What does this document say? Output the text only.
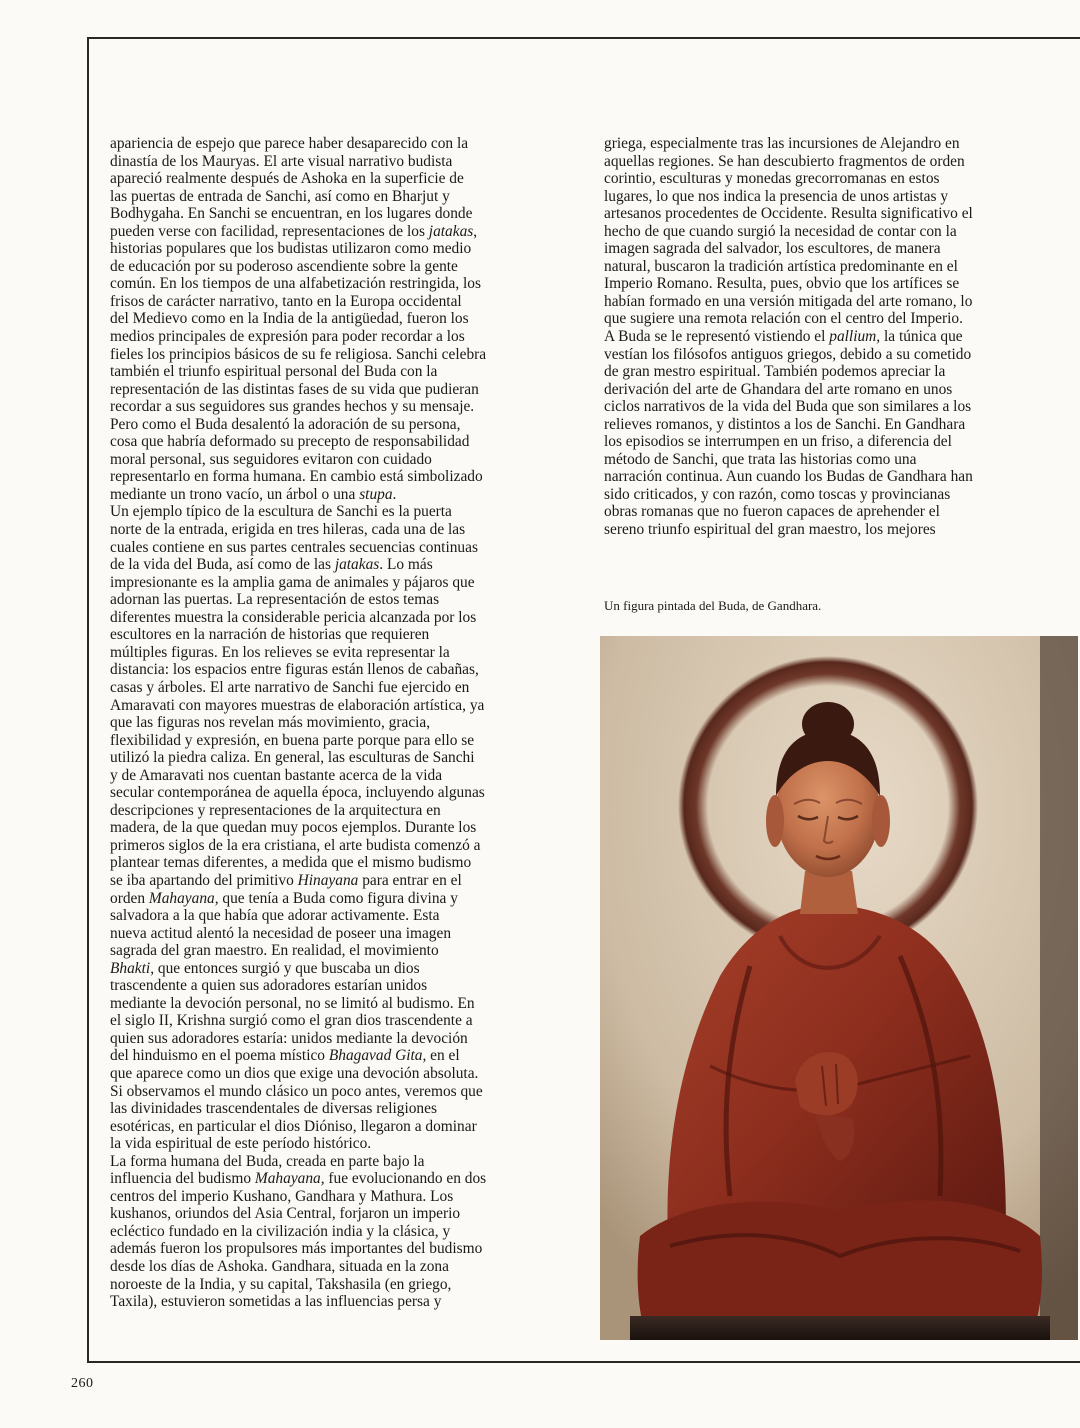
apariencia de espejo que parece haber desaparecido con la
dinastía de los Mauryas. El arte visual narrativo budista
apareció realmente después de Ashoka en la superficie de
las puertas de entrada de Sanchi, así como en Bharjut y
Bodhygaha. En Sanchi se encuentran, en los lugares donde
pueden verse con facilidad, representaciones de los jatakas,
historias populares que los budistas utilizaron como medio
de educación por su poderoso ascendiente sobre la gente
común. En los tiempos de una alfabetización restringida, los
frisos de carácter narrativo, tanto en la Europa occidental
del Medievo como en la India de la antigüedad, fueron los
medios principales de expresión para poder recordar a los
fieles los principios básicos de su fe religiosa. Sanchi celebra
también el triunfo espiritual personal del Buda con la
representación de las distintas fases de su vida que pudieran
recordar a sus seguidores sus grandes hechos y su mensaje.
Pero como el Buda desalentó la adoración de su persona,
cosa que habría deformado su precepto de responsabilidad
moral personal, sus seguidores evitaron con cuidado
representarlo en forma humana. En cambio está simbolizado
mediante un trono vacío, un árbol o una stupa.
Un ejemplo típico de la escultura de Sanchi es la puerta
norte de la entrada, erigida en tres hileras, cada una de las
cuales contiene en sus partes centrales secuencias continuas
de la vida del Buda, así como de las jatakas. Lo más
impresionante es la amplia gama de animales y pájaros que
adornan las puertas. La representación de estos temas
diferentes muestra la considerable pericia alcanzada por los
escultores en la narración de historias que requieren
múltiples figuras. En los relieves se evita representar la
distancia: los espacios entre figuras están llenos de cabañas,
casas y árboles. El arte narrativo de Sanchi fue ejercido en
Amaravati con mayores muestras de elaboración artística, ya
que las figuras nos revelan más movimiento, gracia,
flexibilidad y expresión, en buena parte porque para ello se
utilizó la piedra caliza. En general, las esculturas de Sanchi
y de Amaravati nos cuentan bastante acerca de la vida
secular contemporánea de aquella época, incluyendo algunas
descripciones y representaciones de la arquitectura en
madera, de la que quedan muy pocos ejemplos. Durante los
primeros siglos de la era cristiana, el arte budista comenzó a
plantear temas diferentes, a medida que el mismo budismo
se iba apartando del primitivo Hinayana para entrar en el
orden Mahayana, que tenía a Buda como figura divina y
salvadora a la que había que adorar activamente. Esta
nueva actitud alentó la necesidad de poseer una imagen
sagrada del gran maestro. En realidad, el movimiento
Bhakti, que entonces surgió y que buscaba un dios
trascendente a quien sus adoradores estarían unidos
mediante la devoción personal, no se limitó al budismo. En
el siglo II, Krishna surgió como el gran dios trascendente a
quien sus adoradores estaría: unidos mediante la devoción
del hinduismo en el poema místico Bhagavad Gita, en el
que aparece como un dios que exige una devoción absoluta.
Si observamos el mundo clásico un poco antes, veremos que
las divinidades trascendentales de diversas religiones
esotéricas, en particular el dios Dióniso, llegaron a dominar
la vida espiritual de este período histórico.
La forma humana del Buda, creada en parte bajo la
influencia del budismo Mahayana, fue evolucionando en dos
centros del imperio Kushano, Gandhara y Mathura. Los
kushanos, oriundos del Asia Central, forjaron un imperio
ecléctico fundado en la civilización india y la clásica, y
además fueron los propulsores más importantes del budismo
desde los días de Ashoka. Gandhara, situada en la zona
noroeste de la India, y su capital, Takshasila (en griego,
Taxila), estuvieron sometidas a las influencias persa y
griega, especialmente tras las incursiones de Alejandro en
aquellas regiones. Se han descubierto fragmentos de orden
corintio, esculturas y monedas grecorromanas en estos
lugares, lo que nos indica la presencia de unos artistas y
artesanos procedentes de Occidente. Resulta significativo el
hecho de que cuando surgió la necesidad de contar con la
imagen sagrada del salvador, los escultores, de manera
natural, buscaron la tradición artística predominante en el
Imperio Romano. Resulta, pues, obvio que los artífices se
habían formado en una versión mitigada del arte romano, lo
que sugiere una remota relación con el centro del Imperio.
A Buda se le representó vistiendo el pallium, la túnica que
vestían los filósofos antiguos griegos, debido a su cometido
de gran mestro espiritual. También podemos apreciar la
derivación del arte de Ghandara del arte romano en unos
ciclos narrativos de la vida del Buda que son similares a los
relieves romanos, y distintos a los de Sanchi. En Gandhara
los episodios se interrumpen en un friso, a diferencia del
método de Sanchi, que trata las historias como una
narración continua. Aun cuando los Budas de Gandhara han
sido criticados, y con razón, como toscas y provincianas
obras romanas que no fueron capaces de aprehender el
sereno triunfo espiritual del gran maestro, los mejores
Un figura pintada del Buda, de Gandhara.
260
